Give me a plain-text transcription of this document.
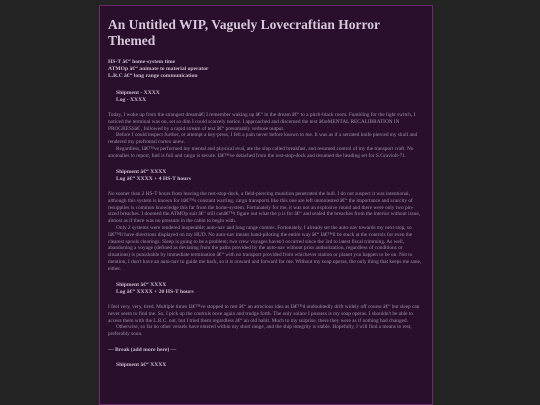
An Untitled WIP, Vaguely Lovecraftian Horror Themed
HS-T â€“ home-system time
ATMOp â€“ animate to material operator
L.R.C â€“ long range communication
Shipment - XXXX
Log - XXXX

Today, I woke up from the strangest dreamâ€¦ I remember waking up â€“ in the dream â€“ to a pitch-black room. Fumbling for the light switch, I noticed the terminal was on, set so dim I could scarcely notice. I approached and discerned the text â€œMENTAL RECALIBRATION IN PROGRESSâ€ , followed by a rapid stream of text â€“ presumably verbose output.

Before I could inspect further, or attempt a key-press, I felt a pain never before known to me. It was as if a serrated knife pierced my skull and rendered my prefrontal cortex anew.

Regardless, Iâ€™ve performed my mental and physical eval, ate the slop called breakfast, and resumed control of my the transport craft. No anomalies to report, fuel is full and cargo is secure. Iâ€™ve detached from the rest-stop-dock and resumed the heading set for S.Graviolt-71.

Shipment â€“ XXXX
Log â€“ XXXX + 4 HS-T hours

No sooner than 2 HS-T hours from leaving the rest-stop-dock, a field-piercing munition penetrated the hull. I do not suspect it was intentional, although this system is known for itâ€™s constant warring, cargo transports like this one are left unmolested â€“ the importance and scarcity of resupplies is common knowledge this far from the home-system. Fortunately for me, it was not an explosive round and there were only two pin-sized breaches. I doomed the ATMOp suit â€“ still canâ€™t figure out what the p is for â€“ and sealed the breaches from the interior without issue, almost as if there was no pressure in the cabin to begin with.

Only 2 systems were rendered inoperable; auto-nav and long range comms. Fortunately, I already set the auto-nav towards my next stop, so Iâ€™ll have directions displayed on my HUD. No auto-nav means hand-piloting the entire way â€“ Iâ€™ll be stuck at the controls for even the clearest spools clearings. Sleep is going to be a problem; two crew voyages haven't occurred since the 3rd to latest fiscal trimming. As well, abandoning a voyage (defined as deviating from the paths provided by the auto-nav without prior authorization, regardless of conditions or situations) is punishable by immediate termination â€“ with no transport provided from whichever station or planet you happen to be on. Not to mention, I don't have an auto-nav to guide me back, so it is onward and forward for me. Without my soap operas, the only thing that keeps me sane, either.

Shipment â€“ XXXX
Log â€“ XXXX + 20 HS-T hours

I feel very, very, tired. Multiple times Iâ€™ve stopped to rest â€“ an atrocious idea as Iâ€™d undoubtedly drift widely off course â€“ but sleep can never seem to find me. So, I pick up the controls once again and trudge forth. The only solace I possess is my soap operas. I shouldn't be able to access them with the L.R.C. out, but I tried them regardless â€“ an old habit. Much to my surprise, there they were as if nothing had changed.

Otherwise, so far no other vessels have entered within my short range, and the ship integrity is stable. Hopefully, I will find a means to rest, preferably soon.

— Break (add more here) —
Shipment â€“ XXXX
